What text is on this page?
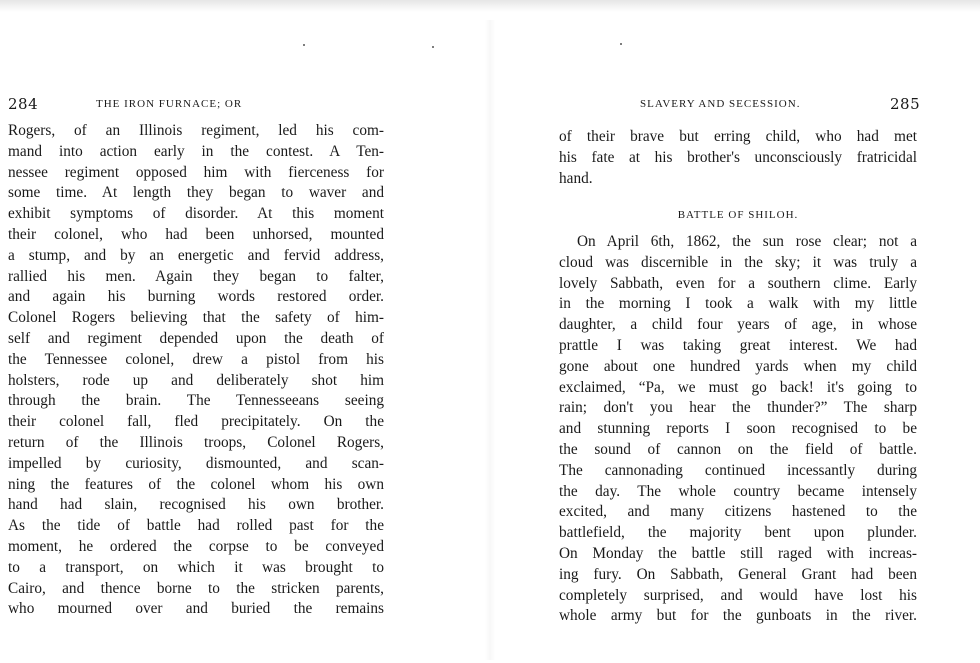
284	THE IRON FURNACE; OR
Rogers, of an Illinois regiment, led his com-
mand into action early in the contest. A Ten-
nessee regiment opposed him with fierceness for
some time. At length they began to waver and
exhibit symptoms of disorder. At this moment
their colonel, who had been unhorsed, mounted
a stump, and by an energetic and fervid address,
rallied his men. Again they began to falter,
and again his burning words restored order.
Colonel Rogers believing that the safety of him-
self and regiment depended upon the death of
the Tennessee colonel, drew a pistol from his
holsters, rode up and deliberately shot him
through the brain. The Tennesseeans seeing
their colonel fall, fled precipitately. On the
return of the Illinois troops, Colonel Rogers,
impelled by curiosity, dismounted, and scan-
ning the features of the colonel whom his own
hand had slain, recognised his own brother.
As the tide of battle had rolled past for the
moment, he ordered the corpse to be conveyed
to a transport, on which it was brought to
Cairo, and thence borne to the stricken parents,
who mourned over and buried the remains
SLAVERY AND SECESSION.	285
of their brave but erring child, who had met
his fate at his brother's unconsciously fratricidal
hand.
BATTLE OF SHILOH.
On April 6th, 1862, the sun rose clear; not a
cloud was discernible in the sky; it was truly a
lovely Sabbath, even for a southern clime. Early
in the morning I took a walk with my little
daughter, a child four years of age, in whose
prattle I was taking great interest. We had
gone about one hundred yards when my child
exclaimed, “Pa, we must go back! it's going to
rain; don't you hear the thunder?” The sharp
and stunning reports I soon recognised to be
the sound of cannon on the field of battle.
The cannonading continued incessantly during
the day. The whole country became intensely
excited, and many citizens hastened to the
battlefield, the majority bent upon plunder.
On Monday the battle still raged with increas-
ing fury. On Sabbath, General Grant had been
completely surprised, and would have lost his
whole army but for the gunboats in the river.
